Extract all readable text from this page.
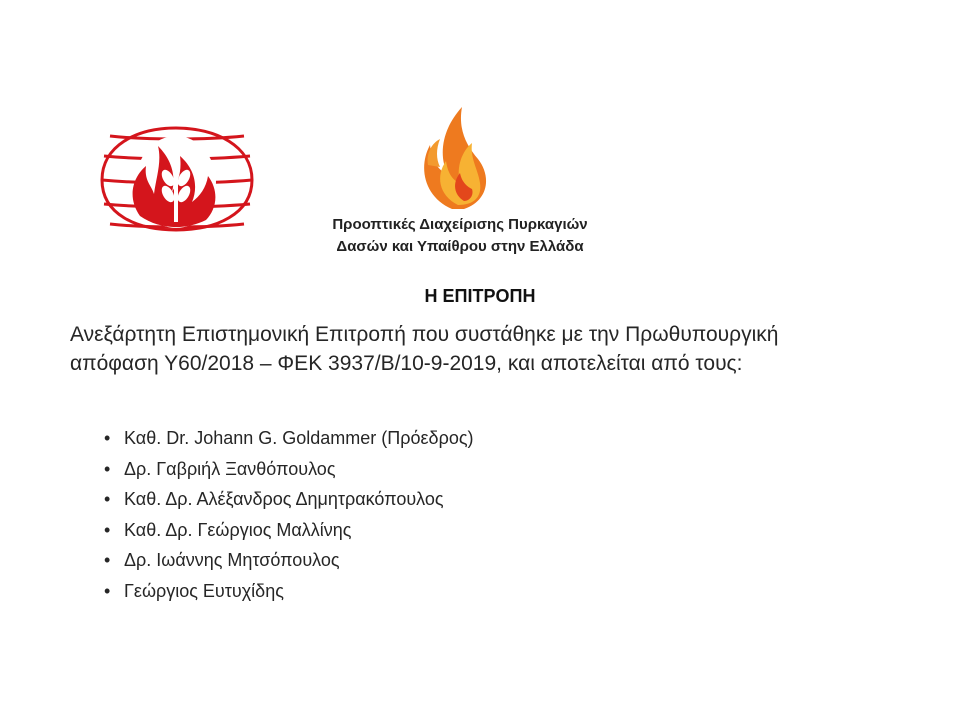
Προοπτικές Διαχείρισης Πυρκαγιών
Δασών και Υπαίθρου στην Ελλάδα
Η ΕΠΙΤΡΟΠΗ
Ανεξάρτητη Επιστημονική Επιτροπή που συστάθηκε με την Πρωθυπουργική απόφαση Υ60/2018 – ΦΕΚ 3937/Β/10-9-2019, και αποτελείται από τους:
• Καθ. Dr. Johann G. Goldammer (Πρόεδρος)
• Δρ. Γαβριήλ Ξανθόπουλος
• Καθ. Δρ. Αλέξανδρος Δημητρακόπουλος
• Καθ. Δρ. Γεώργιος Μαλλίνης
• Δρ. Ιωάννης Μητσόπουλος
• Γεώργιος Ευτυχίδης
